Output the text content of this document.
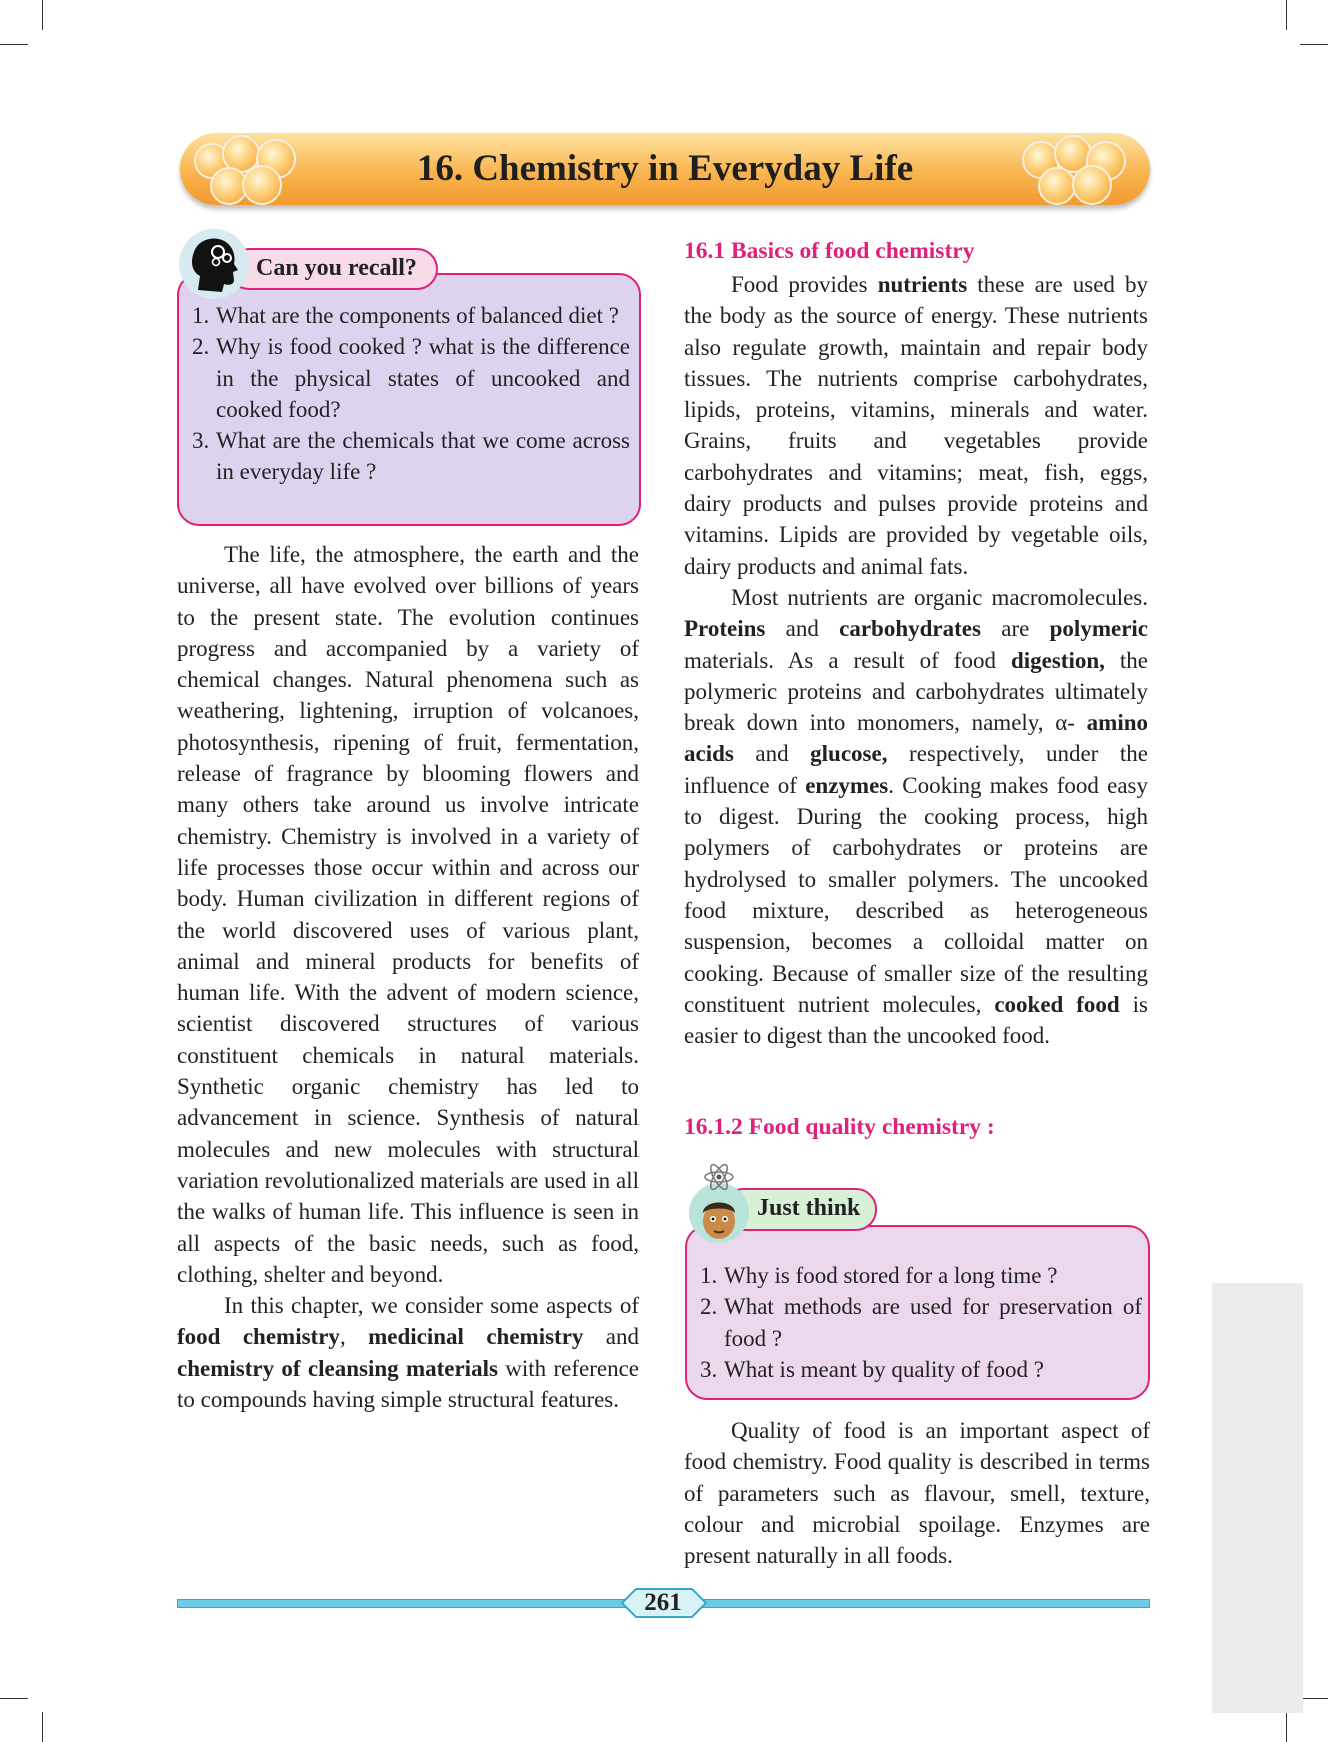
16. Chemistry in Everyday Life
Can you recall?
1. What are the components of balanced diet ?
2. Why is food cooked ? what is the difference in the physical states of uncooked and cooked food?
3. What are the chemicals that we come across in everyday life ?

The life, the atmosphere, the earth and the universe, all have evolved over billions of years to the present state. The evolution continues progress and accompanied by a variety of chemical changes. Natural phenomena such as weathering, lightening, irruption of volcanoes, photosynthesis, ripening of fruit, fermentation, release of fragrance by blooming flowers and many others take around us involve intricate chemistry. Chemistry is involved in a variety of life processes those occur within and across our body. Human civilization in different regions of the world discovered uses of various plant, animal and mineral products for benefits of human life. With the advent of modern science, scientist discovered structures of various constituent chemicals in natural materials. Synthetic organic chemistry has led to advancement in science. Synthesis of natural molecules and new molecules with structural variation revolutionalized materials are used in all the walks of human life. This influence is seen in all aspects of the basic needs, such as food, clothing, shelter and beyond.

In this chapter, we consider some aspects of food chemistry, medicinal chemistry and chemistry of cleansing materials with reference to compounds having simple structural features.

16.1 Basics of food chemistry

Food provides nutrients these are used by the body as the source of energy. These nutrients also regulate growth, maintain and repair body tissues. The nutrients comprise carbohydrates, lipids, proteins, vitamins, minerals and water. Grains, fruits and vegetables provide carbohydrates and vitamins; meat, fish, eggs, dairy products and pulses provide proteins and vitamins. Lipids are provided by vegetable oils, dairy products and animal fats.

Most nutrients are organic macromolecules. Proteins and carbohydrates are polymeric materials. As a result of food digestion, the polymeric proteins and carbohydrates ultimately break down into monomers, namely, α- amino acids and glucose, respectively, under the influence of enzymes. Cooking makes food easy to digest. During the cooking process, high polymers of carbohydrates or proteins are hydrolysed to smaller polymers. The uncooked food mixture, described as heterogeneous suspension, becomes a colloidal matter on cooking. Because of smaller size of the resulting constituent nutrient molecules, cooked food is easier to digest than the uncooked food.

16.1.2 Food quality chemistry :
Just think
1. Why is food stored for a long time ?
2. What methods are used for preservation of food ?
3. What is meant by quality of food ?

Quality of food is an important aspect of food chemistry. Food quality is described in terms of parameters such as flavour, smell, texture, colour and microbial spoilage. Enzymes are present naturally in all foods.

261
